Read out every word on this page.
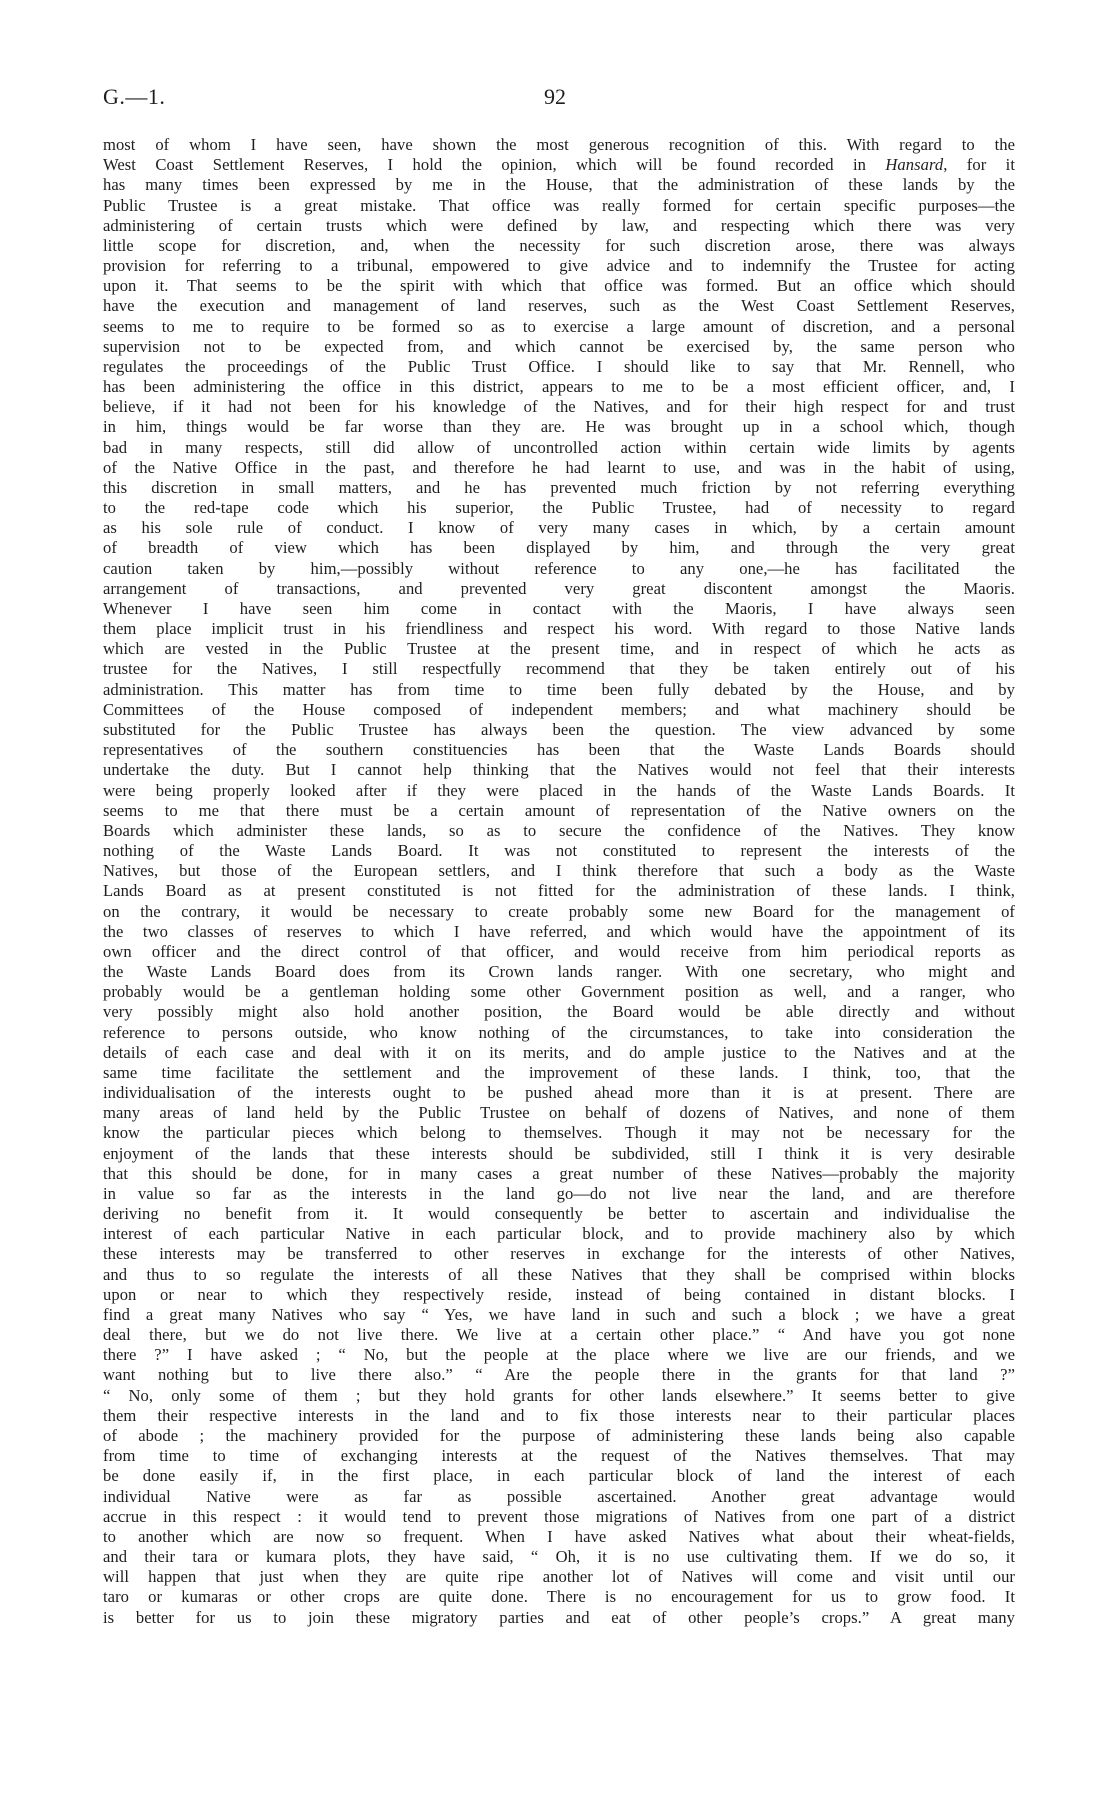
G.—1.	92
most of whom I have seen, have shown the most generous recognition of this. With regard to the
West Coast Settlement Reserves, I hold the opinion, which will be found recorded in Hansard, for it
has many times been expressed by me in the House, that the administration of these lands by the
Public Trustee is a great mistake. That office was really formed for certain specific purposes—the
administering of certain trusts which were defined by law, and respecting which there was very
little scope for discretion, and, when the necessity for such discretion arose, there was always
provision for referring to a tribunal, empowered to give advice and to indemnify the Trustee for acting
upon it. That seems to be the spirit with which that office was formed. But an office which should
have the execution and management of land reserves, such as the West Coast Settlement Reserves,
seems to me to require to be formed so as to exercise a large amount of discretion, and a personal
supervision not to be expected from, and which cannot be exercised by, the same person who
regulates the proceedings of the Public Trust Office. I should like to say that Mr. Rennell, who
has been administering the office in this district, appears to me to be a most efficient officer, and, I
believe, if it had not been for his knowledge of the Natives, and for their high respect for and trust
in him, things would be far worse than they are. He was brought up in a school which, though
bad in many respects, still did allow of uncontrolled action within certain wide limits by agents
of the Native Office in the past, and therefore he had learnt to use, and was in the habit of using,
this discretion in small matters, and he has prevented much friction by not referring everything
to the red-tape code which his superior, the Public Trustee, had of necessity to regard
as his sole rule of conduct. I know of very many cases in which, by a certain amount
of breadth of view which has been displayed by him, and through the very great
caution taken by him,—possibly without reference to any one,—he has facilitated the
arrangement of transactions, and prevented very great discontent amongst the Maoris.
Whenever I have seen him come in contact with the Maoris, I have always seen
them place implicit trust in his friendliness and respect his word. With regard to those Native lands
which are vested in the Public Trustee at the present time, and in respect of which he acts as
trustee for the Natives, I still respectfully recommend that they be taken entirely out of his
administration. This matter has from time to time been fully debated by the House, and by
Committees of the House composed of independent members; and what machinery should be
substituted for the Public Trustee has always been the question. The view advanced by some
representatives of the southern constituencies has been that the Waste Lands Boards should
undertake the duty. But I cannot help thinking that the Natives would not feel that their interests
were being properly looked after if they were placed in the hands of the Waste Lands Boards. It
seems to me that there must be a certain amount of representation of the Native owners on the
Boards which administer these lands, so as to secure the confidence of the Natives. They know
nothing of the Waste Lands Board. It was not constituted to represent the interests of the
Natives, but those of the European settlers, and I think therefore that such a body as the Waste
Lands Board as at present constituted is not fitted for the administration of these lands. I think,
on the contrary, it would be necessary to create probably some new Board for the management of
the two classes of reserves to which I have referred, and which would have the appointment of its
own officer and the direct control of that officer, and would receive from him periodical reports as
the Waste Lands Board does from its Crown lands ranger. With one secretary, who might and
probably would be a gentleman holding some other Government position as well, and a ranger, who
very possibly might also hold another position, the Board would be able directly and without
reference to persons outside, who know nothing of the circumstances, to take into consideration the
details of each case and deal with it on its merits, and do ample justice to the Natives and at the
same time facilitate the settlement and the improvement of these lands. I think, too, that the
individualisation of the interests ought to be pushed ahead more than it is at present. There are
many areas of land held by the Public Trustee on behalf of dozens of Natives, and none of them
know the particular pieces which belong to themselves. Though it may not be necessary for the
enjoyment of the lands that these interests should be subdivided, still I think it is very desirable
that this should be done, for in many cases a great number of these Natives—probably the majority
in value so far as the interests in the land go—do not live near the land, and are therefore
deriving no benefit from it. It would consequently be better to ascertain and individualise the
interest of each particular Native in each particular block, and to provide machinery also by which
these interests may be transferred to other reserves in exchange for the interests of other Natives,
and thus to so regulate the interests of all these Natives that they shall be comprised within blocks
upon or near to which they respectively reside, instead of being contained in distant blocks. I
find a great many Natives who say “ Yes, we have land in such and such a block ; we have a great
deal there, but we do not live there. We live at a certain other place.” “ And have you got none
there ?” I have asked ; “ No, but the people at the place where we live are our friends, and we
want nothing but to live there also.” “ Are the people there in the grants for that land ?”
“ No, only some of them ; but they hold grants for other lands elsewhere.” It seems better to give
them their respective interests in the land and to fix those interests near to their particular places
of abode ; the machinery provided for the purpose of administering these lands being also capable
from time to time of exchanging interests at the request of the Natives themselves. That may
be done easily if, in the first place, in each particular block of land the interest of each
individual Native were as far as possible ascertained. Another great advantage would
accrue in this respect : it would tend to prevent those migrations of Natives from one part of a district
to another which are now so frequent. When I have asked Natives what about their wheat-fields,
and their tara or kumara plots, they have said, “ Oh, it is no use cultivating them. If we do so, it
will happen that just when they are quite ripe another lot of Natives will come and visit until our
taro or kumaras or other crops are quite done. There is no encouragement for us to grow food. It
is better for us to join these migratory parties and eat of other people’s crops.” A great many
